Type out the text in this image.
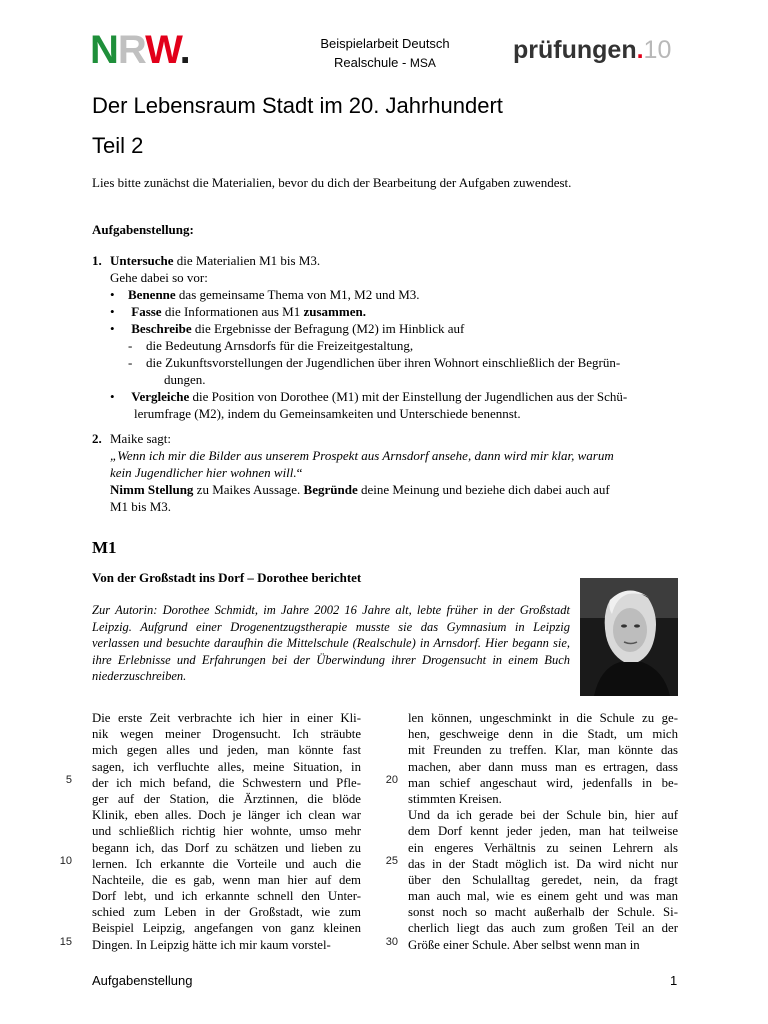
NRW.	Beispielarbeit Deutsch
Realschule - MSA	prüfungen.10
Der Lebensraum Stadt im 20. Jahrhundert
Teil 2
Lies bitte zunächst die Materialien, bevor du dich der Bearbeitung der Aufgaben zuwendest.
Aufgabenstellung:
1. Untersuche die Materialien M1 bis M3.
Gehe dabei so vor:
• Benenne das gemeinsame Thema von M1, M2 und M3.
• Fasse die Informationen aus M1 zusammen.
• Beschreibe die Ergebnisse der Befragung (M2) im Hinblick auf
- die Bedeutung Arnsdorfs für die Freizeitgestaltung,
- die Zukunftsvorstellungen der Jugendlichen über ihren Wohnort einschließlich der Begrün-
dungen.
• Vergleiche die Position von Dorothee (M1) mit der Einstellung der Jugendlichen aus der Schü-
lerumfrage (M2), indem du Gemeinsamkeiten und Unterschiede benennst.
2. Maike sagt:
„Wenn ich mir die Bilder aus unserem Prospekt aus Arnsdorf ansehe, dann wird mir klar, warum
kein Jugendlicher hier wohnen will.“
Nimm Stellung zu Maikes Aussage. Begründe deine Meinung und beziehe dich dabei auch auf
M1 bis M3.
M1
Von der Großstadt ins Dorf – Dorothee berichtet
Zur Autorin: Dorothee Schmidt, im Jahre 2002 16 Jahre alt, lebte früher in der Großstadt Leipzig. Aufgrund einer Drogenentzugstherapie musste sie das Gymnasium in Leipzig verlassen und besuchte daraufhin die Mittelschule (Realschule) in Arnsdorf. Hier begann sie, ihre Erlebnisse und Erfahrungen bei der Überwindung ihrer Drogensucht in einem Buch niederzuschreiben.
Die erste Zeit verbrachte ich hier in einer Kli-
nik wegen meiner Drogensucht. Ich sträubte
mich gegen alles und jeden, man könnte fast
sagen, ich verfluchte alles, meine Situation, in
der ich mich befand, die Schwestern und Pfle-
ger auf der Station, die Ärztinnen, die blöde
Klinik, eben alles. Doch je länger ich clean war
und schließlich richtig hier wohnte, umso mehr
begann ich, das Dorf zu schätzen und lieben zu
lernen. Ich erkannte die Vorteile und auch die
Nachteile, die es gab, wenn man hier auf dem
Dorf lebt, und ich erkannte schnell den Unter-
schied zum Leben in der Großstadt, wie zum
Beispiel Leipzig, angefangen von ganz kleinen
Dingen. In Leipzig hätte ich mir kaum vorstel-
len können, ungeschminkt in die Schule zu ge-
hen, geschweige denn in die Stadt, um mich
mit Freunden zu treffen. Klar, man könnte das
machen, aber dann muss man es ertragen, dass
man schief angeschaut wird, jedenfalls in be-
stimmten Kreisen.
Und da ich gerade bei der Schule bin, hier auf
dem Dorf kennt jeder jeden, man hat teilweise
ein engeres Verhältnis zu seinen Lehrern als
das in der Stadt möglich ist. Da wird nicht nur
über den Schulalltag geredet, nein, da fragt
man auch mal, wie es einem geht und was man
sonst noch so macht außerhalb der Schule. Si-
cherlich liegt das auch zum großen Teil an der
Größe einer Schule. Aber selbst wenn man in
5
10
15
20
25
30
Aufgabenstellung	1
